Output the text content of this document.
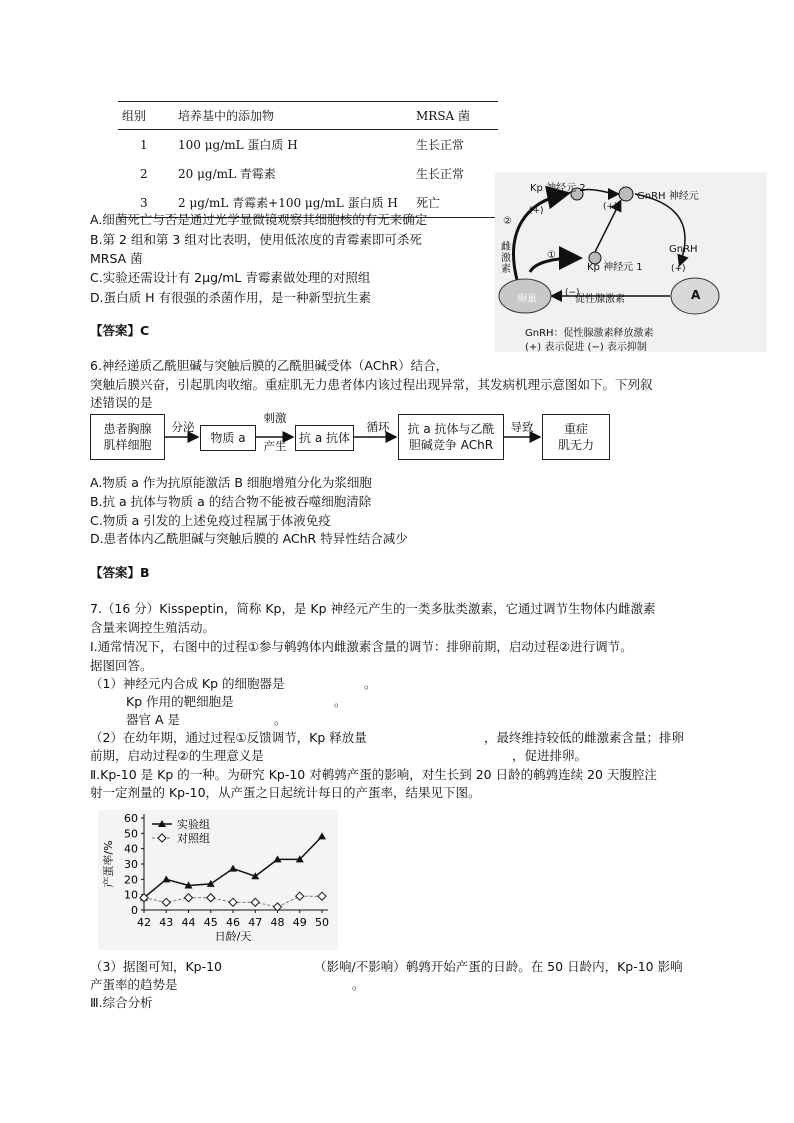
组别	培养基中的添加物	MRSA 菌
1	100 μg/mL 蛋白质 H	生长正常
2	20 μg/mL 青霉素	生长正常
3	2 μg/mL 青霉素+100 μg/mL 蛋白质 H	死亡
A.细菌死亡与否是通过光学显微镜观察其细胞核的有无来确定
B.第 2 组和第 3 组对比表明，使用低浓度的青霉素即可杀死
MRSA 菌
C.实验还需设计有 2μg/mL 青霉素做处理的对照组
D.蛋白质 H 有很强的杀菌作用，是一种新型抗生素
【答案】C
Kp 神经元 2
GnRH 神经元
②
(+)	(+)
GnRH
(+)
雌激素
① (−)
Kp 神经元 1
卵巢	A
(−)
促性腺激素
GnRH：促性腺激素释放激素
(+) 表示促进 (−) 表示抑制
6.神经递质乙酰胆碱与突触后膜的乙酰胆碱受体（AChR）结合，
突触后膜兴奋，引起肌肉收缩。重症肌无力患者体内该过程出现异常，其发病机理示意图如下。下列叙
述错误的是
患者胸腺
肌样细胞
分泌
物质 a
刺激
产生
抗 a 抗体
循环	抗 a 抗体与乙酰
胆碱竞争 AChR
导致	重症
肌无力
A.物质 a 作为抗原能激活 B 细胞增殖分化为浆细胞
B.抗 a 抗体与物质 a 的结合物不能被吞噬细胞清除
C.物质 a 引发的上述免疫过程属于体液免疫
D.患者体内乙酰胆碱与突触后膜的 AChR 特异性结合减少
【答案】B
7.（16 分）Kisspeptin，简称 Kp，是 Kp 神经元产生的一类多肽类激素，它通过调节生物体内雌激素
含量来调控生殖活动。
Ⅰ.通常情况下，右图中的过程①参与鹌鹑体内雌激素含量的调节：排卵前期，启动过程②进行调节。
据图回答。
（1）神经元内合成 Kp 的细胞器是	。
Kp 作用的靶细胞是	。
器官 A 是	。
（2）在幼年期，通过过程①反馈调节，Kp 释放量	，最终维持较低的雌激素含量；排卵
前期，启动过程②的生理意义是	，促进排卵。
Ⅱ.Kp-10 是 Kp 的一种。为研究 Kp-10 对鹌鹑产蛋的影响，对生长到 20 日龄的鹌鹑连续 20 天腹腔注
射一定剂量的 Kp-10，从产蛋之日起统计每日的产蛋率，结果见下图。
0
10
20
30
40
50
60
42 43 44 45 46 47 48 49 50
日龄/天
产蛋率/%
实验组
对照组
（3）据图可知，Kp-10	（影响/不影响）鹌鹑开始产蛋的日龄。在 50 日龄内，Kp-10 影响
产蛋率的趋势是	。
Ⅲ.综合分析
